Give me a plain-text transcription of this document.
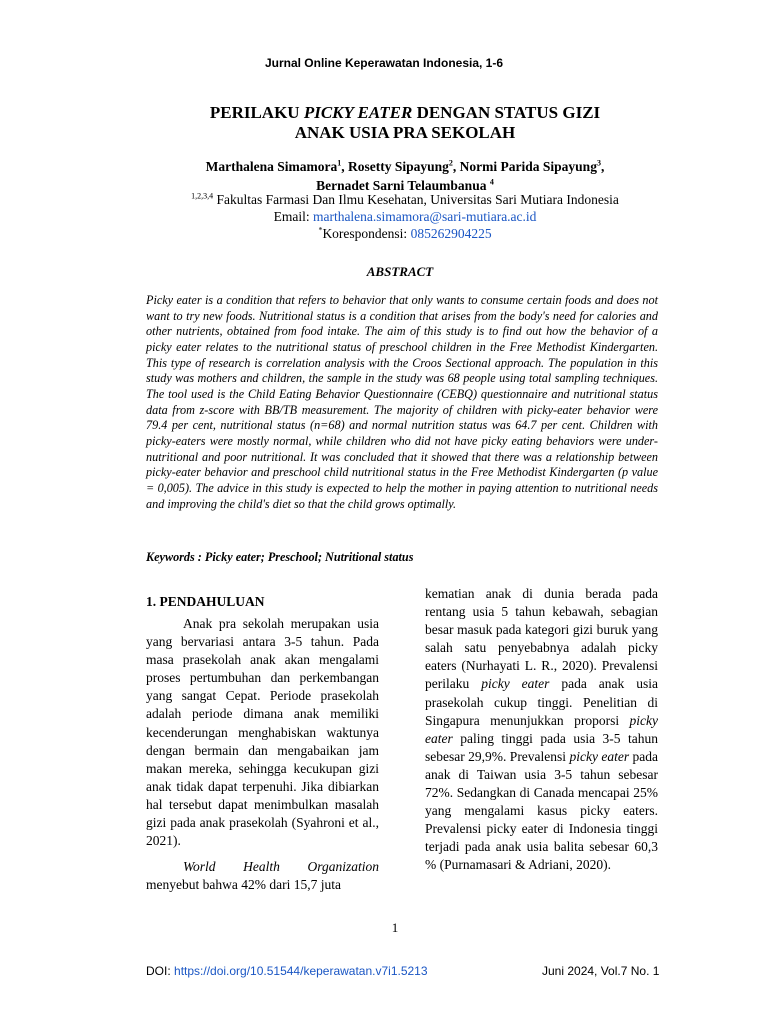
Jurnal Online Keperawatan Indonesia, 1-6
PERILAKU PICKY EATER DENGAN STATUS GIZI
ANAK USIA PRA SEKOLAH
Marthalena Simamora$^1$, Rosetty Sipayung$^2$, Normi Parida Sipayung$^3$,
Bernadet Sarni Telaumbanua $^4$
$^{1,2,3,4}$ Fakultas Farmasi Dan Ilmu Kesehatan, Universitas Sari Mutiara Indonesia
Email: marthalena.simamora@sari-mutiara.ac.id
*Korespondensi: 085262904225
ABSTRACT
Picky eater is a condition that refers to behavior that only wants to consume certain foods and does not want to try new foods. Nutritional status is a condition that arises from the body's need for calories and other nutrients, obtained from food intake. The aim of this study is to find out how the behavior of a picky eater relates to the nutritional status of preschool children in the Free Methodist Kindergarten. This type of research is correlation analysis with the Croos Sectional approach. The population in this study was mothers and children, the sample in the study was 68 people using total sampling techniques. The tool used is the Child Eating Behavior Questionnaire (CEBQ) questionnaire and nutritional status data from z-score with BB/TB measurement. The majority of children with picky-eater behavior were 79.4 per cent, nutritional status (n=68) and normal nutrition status was 64.7 per cent. Children with picky-eaters were mostly normal, while children who did not have picky eating behaviors were under-nutritional and poor nutritional. It was concluded that it showed that there was a relationship between picky-eater behavior and preschool child nutritional status in the Free Methodist Kindergarten (p value = 0,005). The advice in this study is expected to help the mother in paying attention to nutritional needs and improving the child's diet so that the child grows optimally.
Keywords : Picky eater; Preschool; Nutritional status
1. PENDAHULUAN

Anak pra sekolah merupakan usia yang bervariasi antara 3-5 tahun. Pada masa prasekolah anak akan mengalami proses pertumbuhan dan perkembangan yang sangat Cepat. Periode prasekolah adalah periode dimana anak memiliki kecenderungan menghabiskan waktunya dengan bermain dan mengabaikan jam makan mereka, sehingga kecukupan gizi anak tidak dapat terpenuhi. Jika dibiarkan hal tersebut dapat menimbulkan masalah gizi pada anak prasekolah (Syahroni et al., 2021).

World Health Organization menyebut bahwa 42% dari 15,7 juta

kematian anak di dunia berada pada rentang usia 5 tahun kebawah, sebagian besar masuk pada kategori gizi buruk yang salah satu penyebabnya adalah picky eaters (Nurhayati L. R., 2020). Prevalensi perilaku picky eater pada anak usia prasekolah cukup tinggi. Penelitian di Singapura menunjukkan proporsi picky eater paling tinggi pada usia 3-5 tahun sebesar 29,9%. Prevalensi picky eater pada anak di Taiwan usia 3-5 tahun sebesar 72%. Sedangkan di Canada mencapai 25% yang mengalami kasus picky eaters. Prevalensi picky eater di Indonesia tinggi terjadi pada anak usia balita sebesar 60,3 % (Purnamasari & Adriani, 2020).

1
DOI: https://doi.org/10.51544/keperawatan.v7i1.5213	Juni 2024, Vol.7 No. 1
